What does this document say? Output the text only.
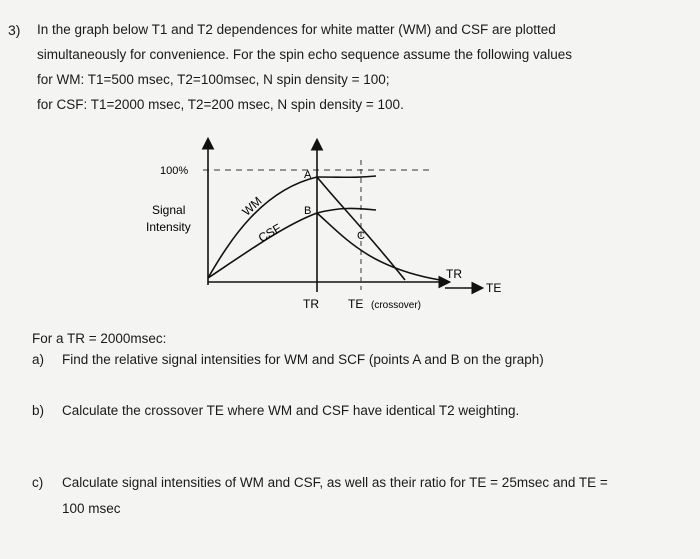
3) In the graph below T1 and T2 dependences for white matter (WM) and CSF are plotted
simultaneously for convenience. For the spin echo sequence assume the following values
for WM: T1=500 msec, T2=100msec, N spin density = 100;
for CSF: T1=2000 msec, T2=200 msec, N spin density = 100.
100%
Signal
Intensity
WM
CSF
A
B
C
TR
TE
TR TE (crossover)
For a TR = 2000msec:
a) Find the relative signal intensities for WM and SCF (points A and B on the graph)
b) Calculate the crossover TE where WM and CSF have identical T2 weighting.
c) Calculate signal intensities of WM and CSF, as well as their ratio for TE = 25msec and TE =
100 msec
